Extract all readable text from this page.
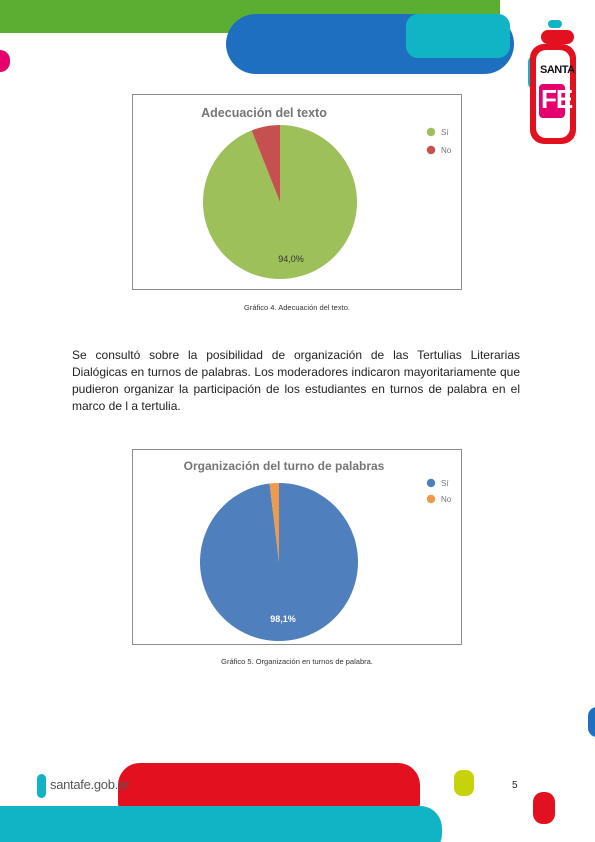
SANTA
FE
Adecuación del texto
94,0%
Sí
No
Gráfico 4. Adecuación del texto.
Se consultó sobre la posibilidad de organización de las Tertulias Literarias Dialógicas en turnos de palabras. Los moderadores indicaron mayoritariamente que pudieron organizar la participación de los estudiantes en turnos de palabra en el marco de l a tertulia.
Organización del turno de palabras
98,1%
Sí
No
Gráfico 5. Organización en turnos de palabra.
santafe.gob.ar	5
